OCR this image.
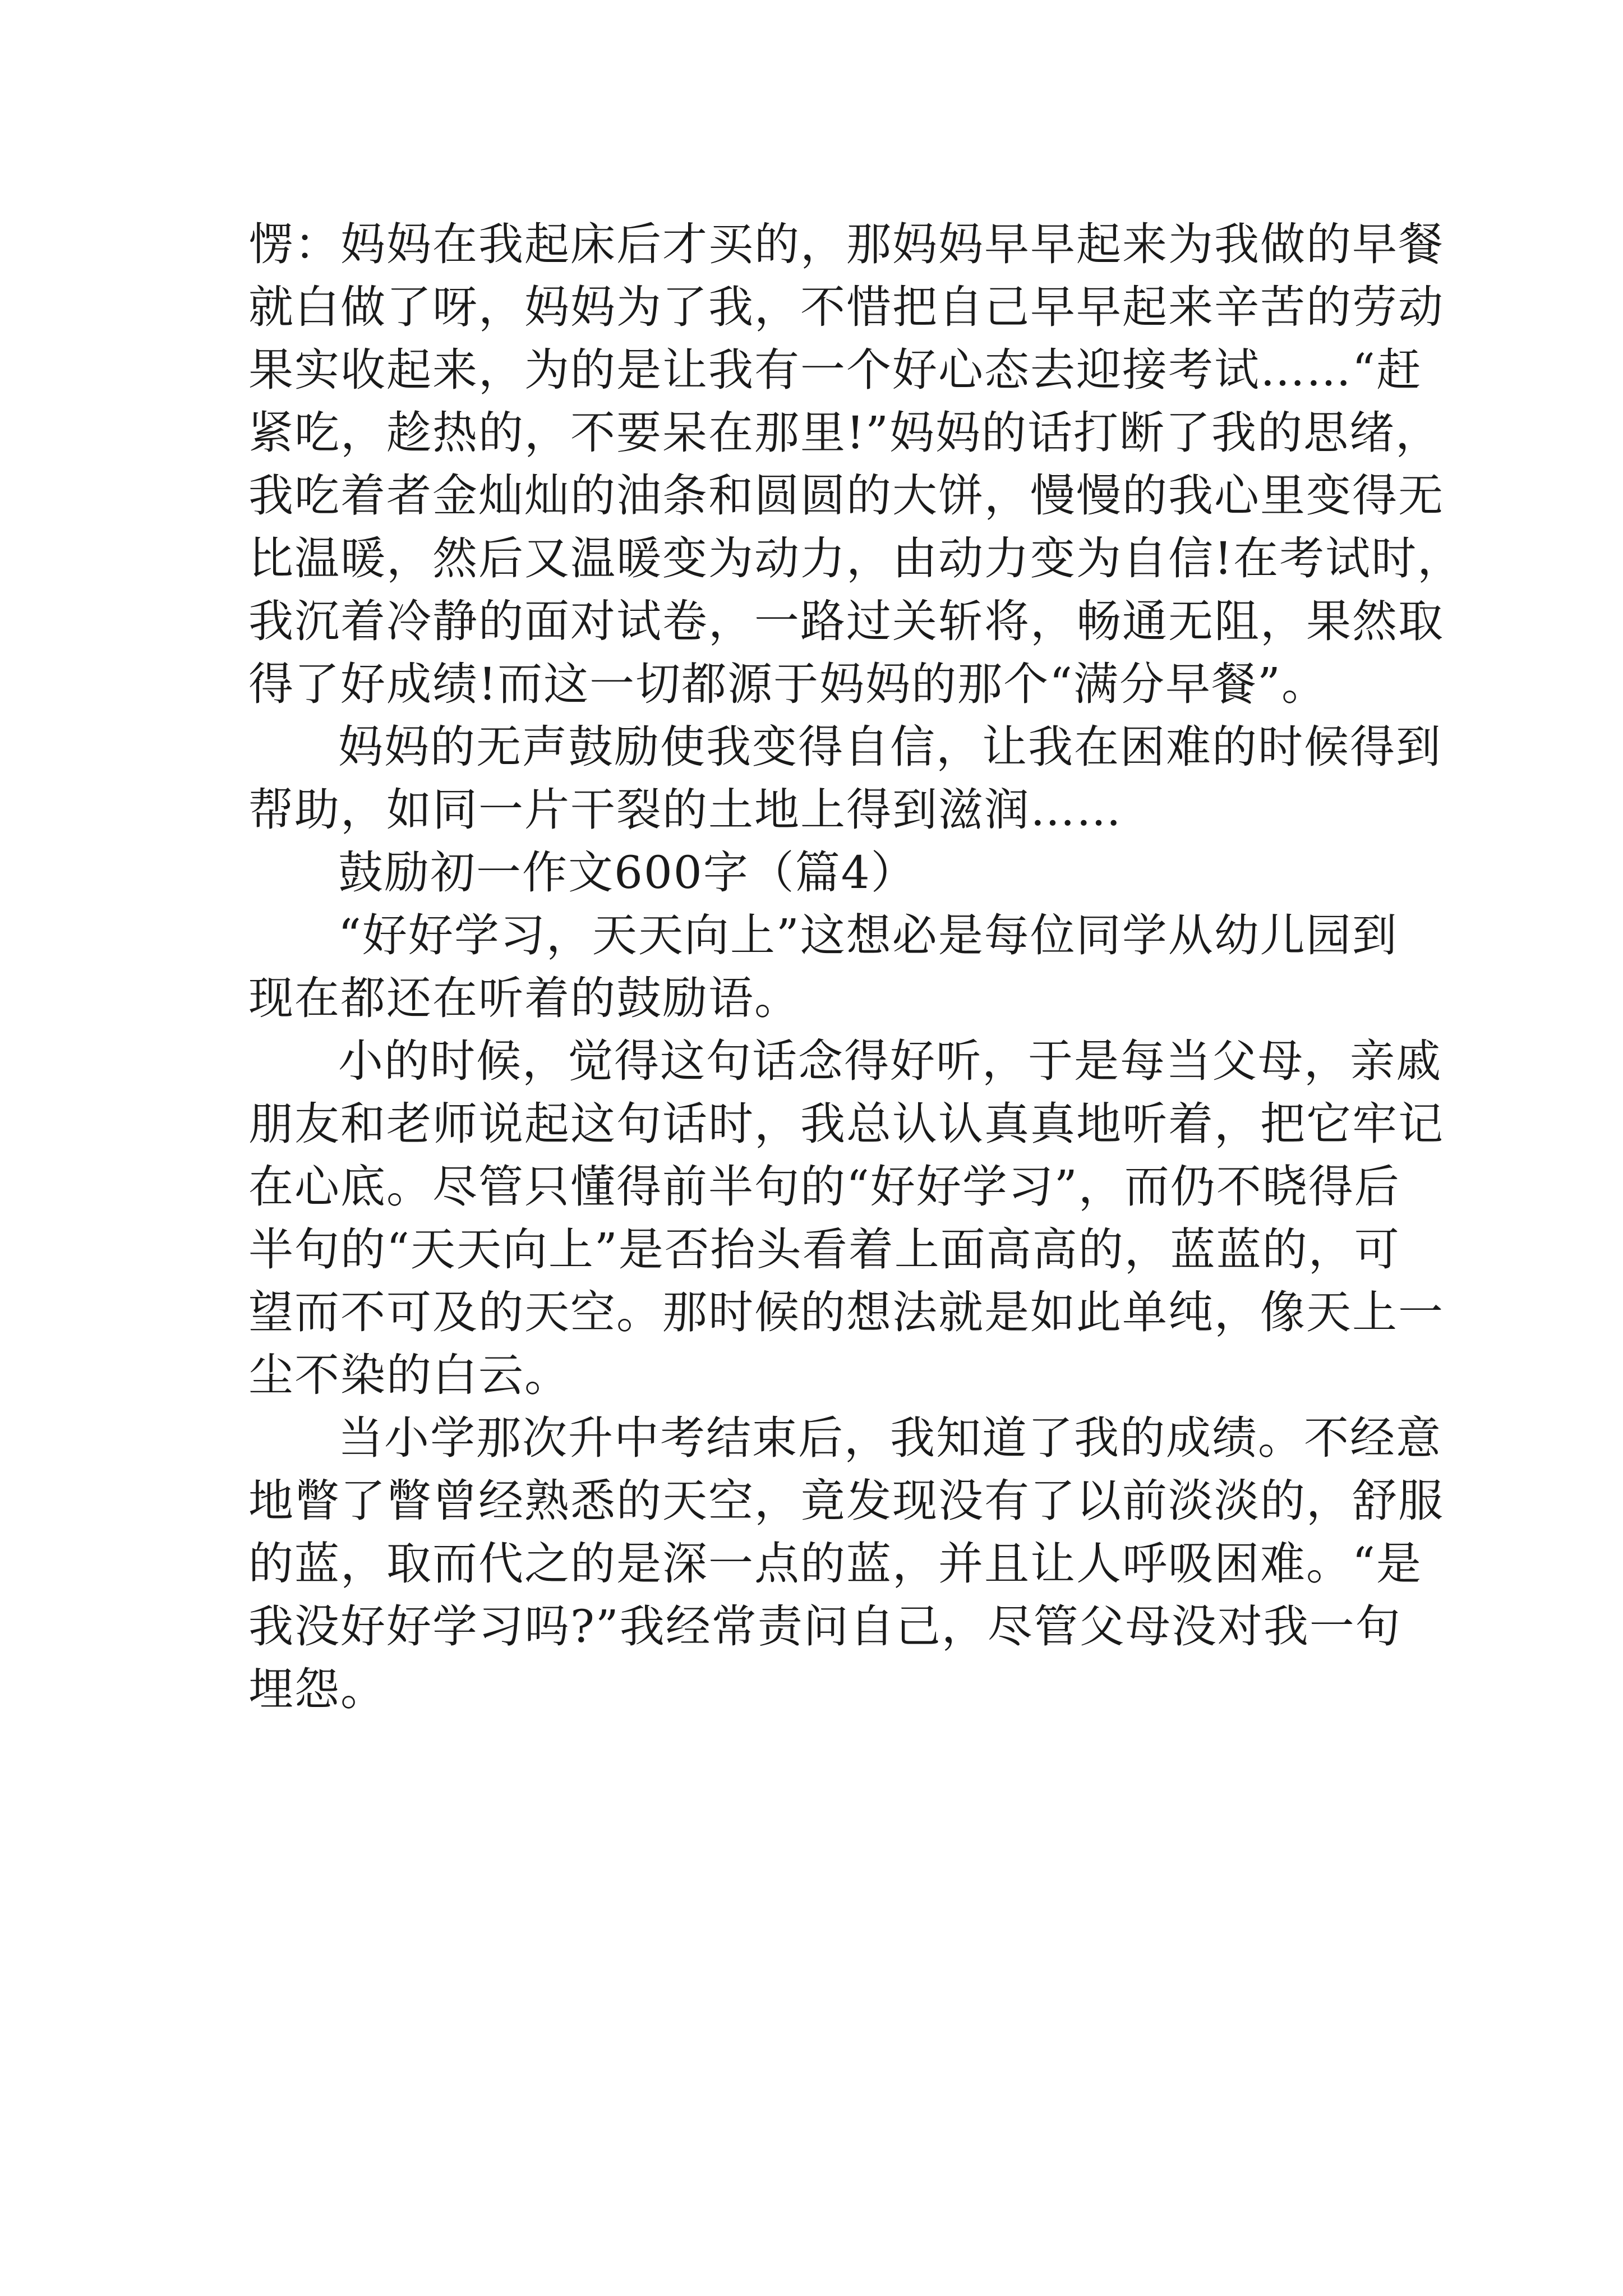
愣：妈妈在我起床后才买的，那妈妈早早起来为我做的早餐
就白做了呀，妈妈为了我，不惜把自己早早起来辛苦的劳动
果实收起来，为的是让我有一个好心态去迎接考试……“赶
紧吃，趁热的，不要呆在那里!”妈妈的话打断了我的思绪，
我吃着者金灿灿的油条和圆圆的大饼，慢慢的我心里变得无
比温暖，然后又温暖变为动力，由动力变为自信!在考试时，
我沉着冷静的面对试卷，一路过关斩将，畅通无阻，果然取
得了好成绩!而这一切都源于妈妈的那个“满分早餐”。
妈妈的无声鼓励使我变得自信，让我在困难的时候得到
帮助，如同一片干裂的土地上得到滋润……
鼓励初一作文600字（篇4）
“好好学习，天天向上”这想必是每位同学从幼儿园到
现在都还在听着的鼓励语。
小的时候，觉得这句话念得好听，于是每当父母，亲戚
朋友和老师说起这句话时，我总认认真真地听着，把它牢记
在心底。尽管只懂得前半句的“好好学习”，而仍不晓得后
半句的“天天向上”是否抬头看着上面高高的，蓝蓝的，可
望而不可及的天空。那时候的想法就是如此单纯，像天上一
尘不染的白云。
当小学那次升中考结束后，我知道了我的成绩。不经意
地瞥了瞥曾经熟悉的天空，竟发现没有了以前淡淡的，舒服
的蓝，取而代之的是深一点的蓝，并且让人呼吸困难。“是
我没好好学习吗?”我经常责问自己，尽管父母没对我一句
埋怨。
